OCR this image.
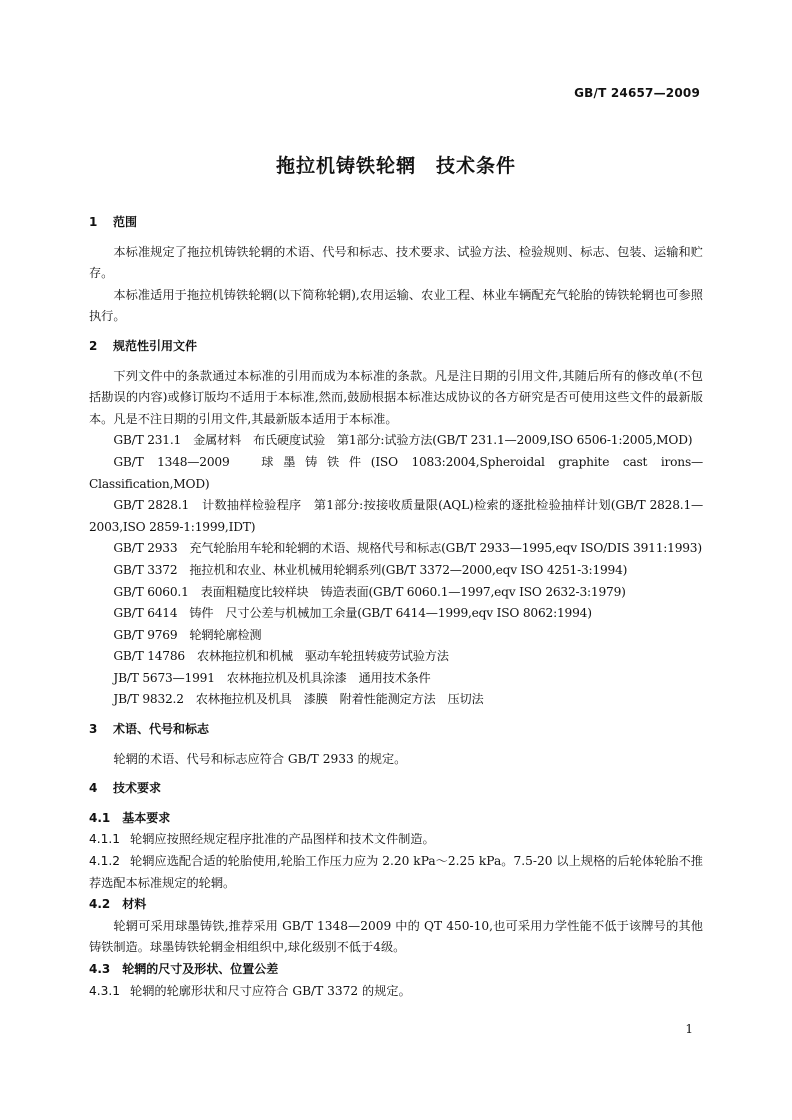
GB/T 24657—2009
拖拉机铸铁轮辋　技术条件
1 范围

本标准规定了拖拉机铸铁轮辋的术语、代号和标志、技术要求、试验方法、检验规则、标志、包装、运输和贮存。

本标准适用于拖拉机铸铁轮辋(以下简称轮辋),农用运输、农业工程、林业车辆配充气轮胎的铸铁轮辋也可参照执行。

2 规范性引用文件

下列文件中的条款通过本标准的引用而成为本标准的条款。凡是注日期的引用文件,其随后所有的修改单(不包括勘误的内容)或修订版均不适用于本标准,然而,鼓励根据本标准达成协议的各方研究是否可使用这些文件的最新版本。凡是不注日期的引用文件,其最新版本适用于本标准。

GB/T 231.1　金属材料　布氏硬度试验　第1部分:试验方法(GB/T 231.1—2009,ISO 6506-1:2005,MOD)

GB/T 1348—2009　球墨铸铁件(ISO 1083:2004,Spheroidal graphite cast irons—Classification,MOD)

GB/T 2828.1　计数抽样检验程序　第1部分:按接收质量限(AQL)检索的逐批检验抽样计划(GB/T 2828.1—2003,ISO 2859-1:1999,IDT)

GB/T 2933　充气轮胎用车轮和轮辋的术语、规格代号和标志(GB/T 2933—1995,eqv ISO/DIS 3911:1993)

GB/T 3372　拖拉机和农业、林业机械用轮辋系列(GB/T 3372—2000,eqv ISO 4251-3:1994)

GB/T 6060.1　表面粗糙度比较样块　铸造表面(GB/T 6060.1—1997,eqv ISO 2632-3:1979)

GB/T 6414　铸件　尺寸公差与机械加工余量(GB/T 6414—1999,eqv ISO 8062:1994)

GB/T 9769　轮辋轮廓检测

GB/T 14786　农林拖拉机和机械　驱动车轮扭转疲劳试验方法

JB/T 5673—1991　农林拖拉机及机具涂漆　通用技术条件

JB/T 9832.2　农林拖拉机及机具　漆膜　附着性能测定方法　压切法

3 术语、代号和标志

轮辋的术语、代号和标志应符合 GB/T 2933 的规定。

4 技术要求
4.1 基本要求

4.1.1 轮辋应按照经规定程序批准的产品图样和技术文件制造。

4.1.2 轮辋应选配合适的轮胎使用,轮胎工作压力应为 2.20 kPa～2.25 kPa。7.5-20 以上规格的后轮体轮胎不推荐选配本标准规定的轮辋。

4.2 材料

轮辋可采用球墨铸铁,推荐采用 GB/T 1348—2009 中的 QT 450-10,也可采用力学性能不低于该牌号的其他铸铁制造。球墨铸铁轮辋金相组织中,球化级别不低于4级。

4.3 轮辋的尺寸及形状、位置公差

4.3.1 轮辋的轮廓形状和尺寸应符合 GB/T 3372 的规定。

1
